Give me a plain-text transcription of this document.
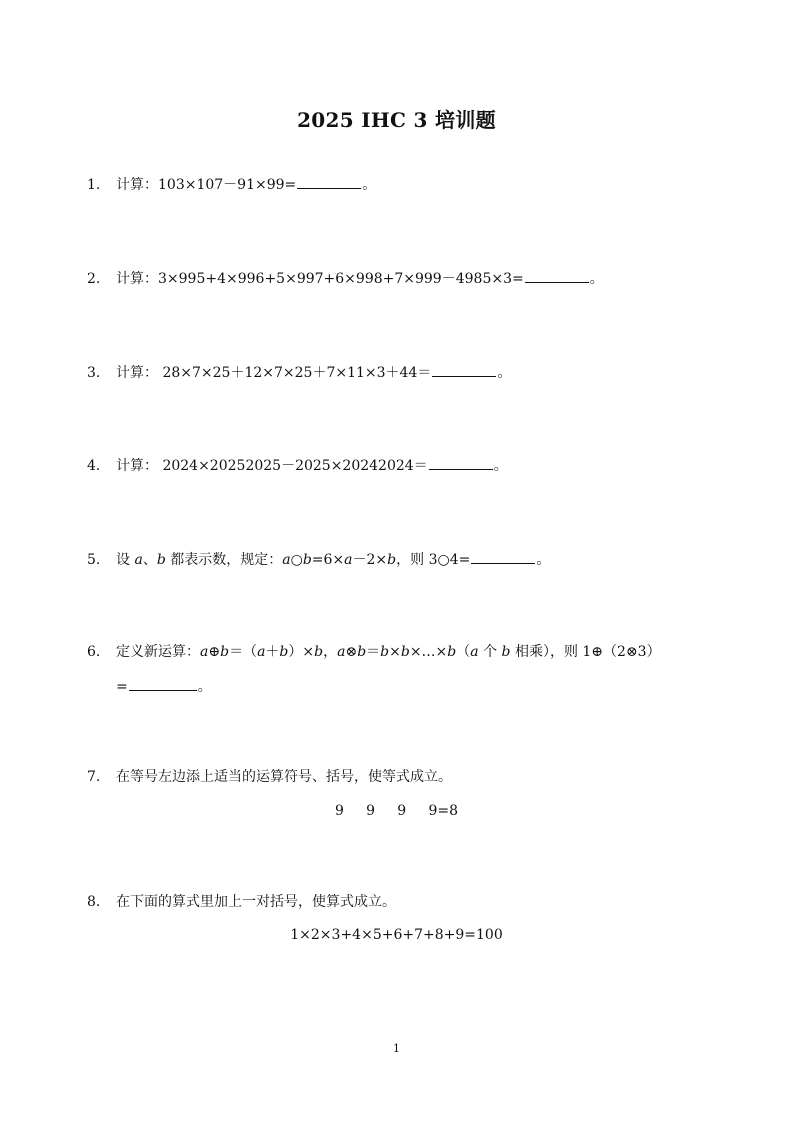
2025 IHC 3 培训题
1. 计算：103×107－91×99=	。
2. 计算：3×995+4×996+5×997+6×998+7×999－4985×3=	。
3. 计算： 28×7×25＋12×7×25＋7×11×3＋44＝	。
4. 计算： 2024×20252025－2025×20242024＝	。
5. 设 a、b 都表示数，规定：a○b=6×a－2×b，则 3○4=	。
6. 定义新运算：a⊕b＝（a＋b）×b，a⊗b＝b×b×…×b（a 个 b 相乘），则 1⊕（2⊗3）
=	。
7. 在等号左边添上适当的运算符号、括号，使等式成立。
9     9     9     9=8
8. 在下面的算式里加上一对括号，使算式成立。
1×2×3+4×5+6+7+8+9=100
1
